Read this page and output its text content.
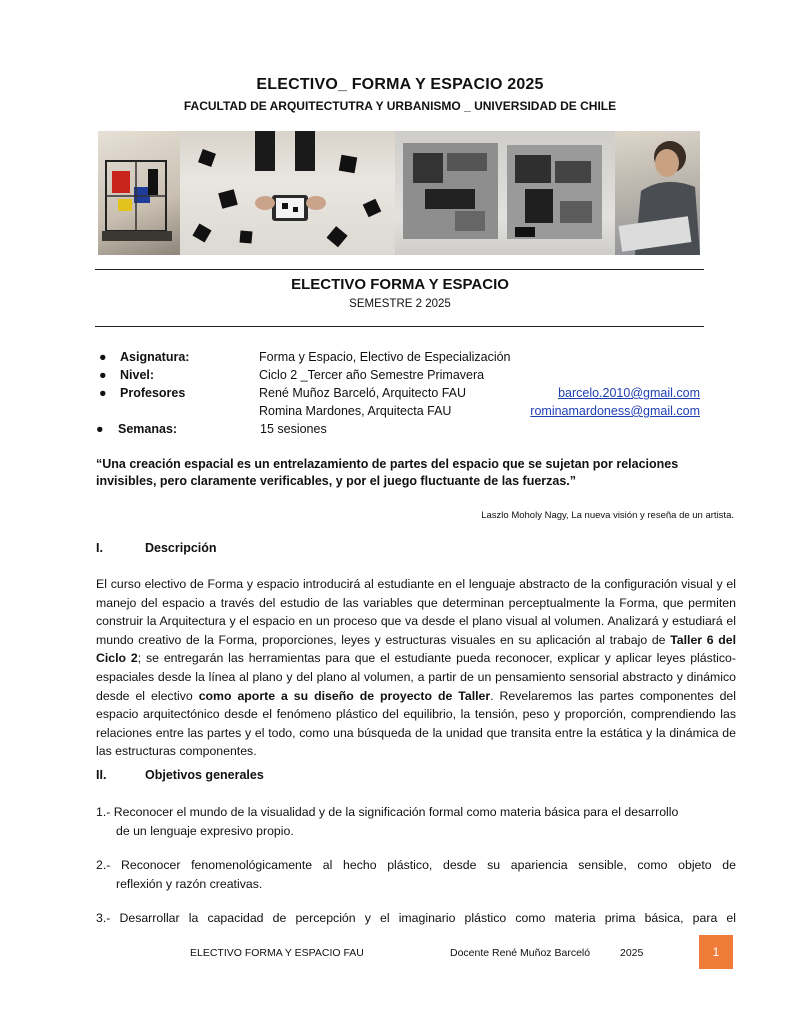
ELECTIVO_ FORMA Y ESPACIO 2025
FACULTAD DE ARQUITECTUTRA Y URBANISMO _ UNIVERSIDAD DE CHILE
ELECTIVO FORMA Y ESPACIO
SEMESTRE 2 2025
● Asignatura:	Forma y Espacio, Electivo de Especialización
● Nivel:	Ciclo 2 _Tercer año Semestre Primavera
● Profesores	René Muñoz Barceló, Arquitecto FAU	barcelo.2010@gmail.com
Romina Mardones, Arquitecta FAU	rominamardoness@gmail.com
● Semanas:	15 sesiones
“Una creación espacial es un entrelazamiento de partes del espacio que se sujetan por relaciones invisibles, pero claramente verificables, y por el juego fluctuante de las fuerzas.”
Laszlo Moholy Nagy, La nueva visión y reseña de un artista.
I.	Descripción
El curso electivo de Forma y espacio introducirá al estudiante en el lenguaje abstracto de la configuración visual y el manejo del espacio a través del estudio de las variables que determinan perceptualmente la Forma, que permiten construir la Arquitectura y el espacio en un proceso que va desde el plano visual al volumen. Analizará y estudiará el mundo creativo de la Forma, proporciones, leyes y estructuras visuales en su aplicación al trabajo de Taller 6 del Ciclo 2; se entregarán las herramientas para que el estudiante pueda reconocer, explicar y aplicar leyes plástico-espaciales desde la línea al plano y del plano al volumen, a partir de un pensamiento sensorial abstracto y dinámico desde el electivo como aporte a su diseño de proyecto de Taller. Revelaremos las partes componentes del espacio arquitectónico desde el fenómeno plástico del equilibrio, la tensión, peso y proporción, comprendiendo las relaciones entre las partes y el todo, como una búsqueda de la unidad que transita entre la estática y la dinámica de las estructuras componentes.
II.	Objetivos generales
1.- Reconocer el mundo de la visualidad y de la significación formal como materia básica para el desarrollo
de un lenguaje expresivo propio.
2.- Reconocer fenomenológicamente al hecho plástico, desde su apariencia sensible, como objeto de
reflexión y razón creativas.
3.- Desarrollar la capacidad de percepción y el imaginario plástico como materia prima básica, para el
ELECTIVO FORMA Y ESPACIO FAU	Docente René Muñoz Barceló	2025	1
